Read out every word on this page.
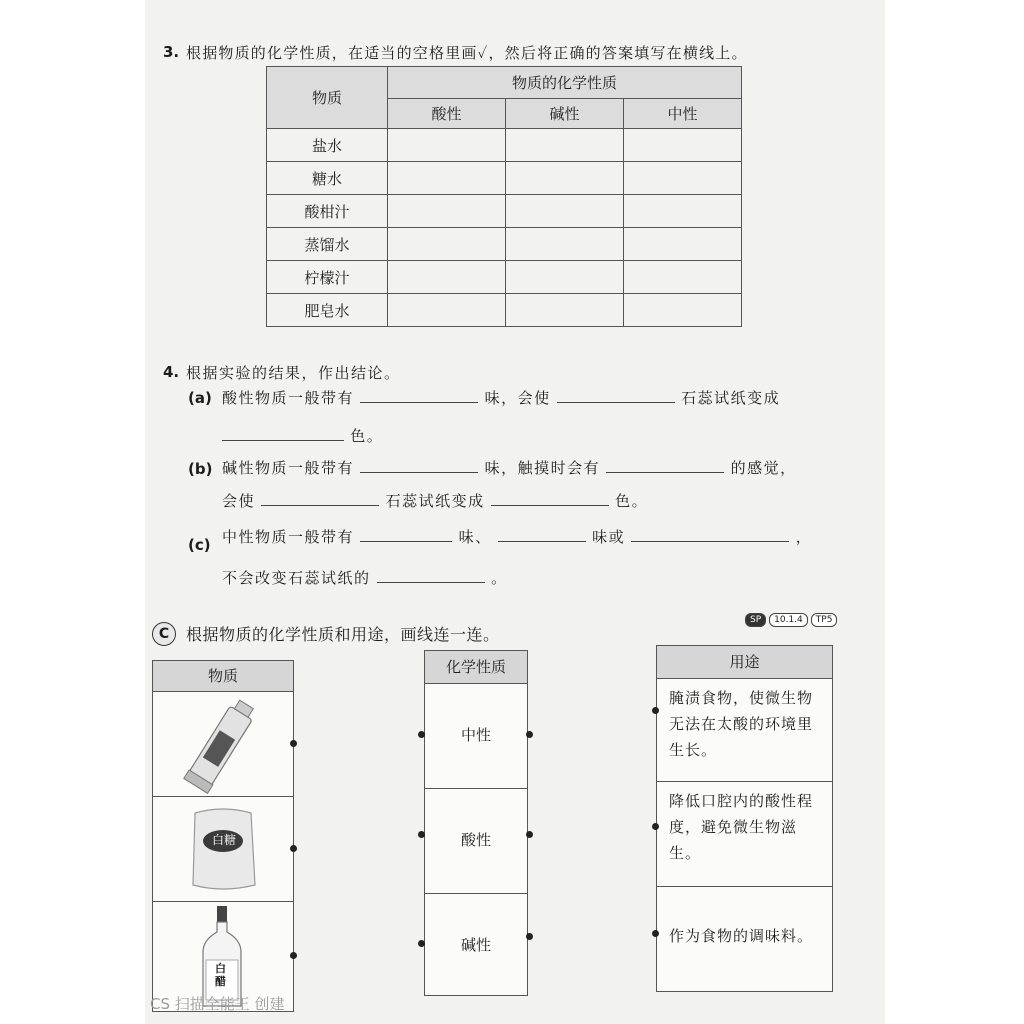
3. 根据物质的化学性质，在适当的空格里画✓，然后将正确的答案填写在横线上。
物质	物质的化学性质		
	酸性	碱性	中性
盐水			
糖水			
酸柑汁			
蒸馏水			
柠檬汁			
肥皂水			
4. 根据实验的结果，作出结论。
(a) 酸性物质一般带有	味，会使	石蕊试纸变成
色。
(b) 碱性物质一般带有	味，触摸时会有	的感觉，
会使	石蕊试纸变成	色。
(c) 中性物质一般带有	味、	味或	，
不会改变石蕊试纸的	。
C	根据物质的化学性质和用途，画线连一连。
SP	10.1.4	TP5
物质
白糖
白醋
化学性质
中性
酸性
碱性
用途
腌渍食物，使微生物无法在太酸的环境里生长。
降低口腔内的酸性程度，避免微生物滋生。
作为食物的调味料。
CS 扫描全能王 创建
